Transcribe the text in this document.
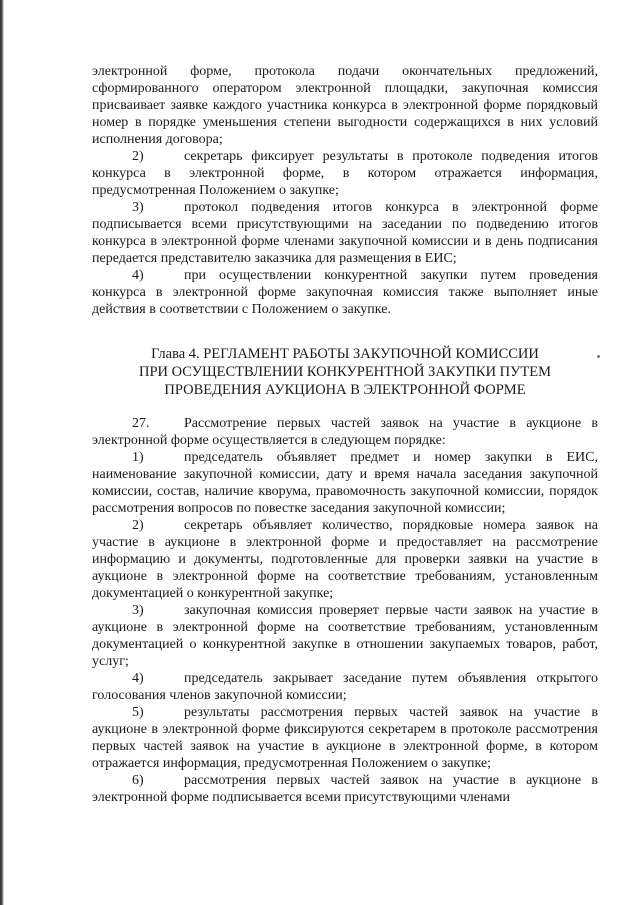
электронной форме, протокола подачи окончательных предложений, сформированного оператором электронной площадки, закупочная комиссия присваивает заявке каждого участника конкурса в электронной форме порядковый номер в порядке уменьшения степени выгодности содержащихся в них условий исполнения договора;

2)	секретарь фиксирует результаты в протоколе подведения итогов конкурса в электронной форме, в котором отражается информация, предусмотренная Положением о закупке;

3)	протокол подведения итогов конкурса в электронной форме подписывается всеми присутствующими на заседании по подведению итогов конкурса в электронной форме членами закупочной комиссии и в день подписания передается представителю заказчика для размещения в ЕИС;

4)	при осуществлении конкурентной закупки путем проведения конкурса в электронной форме закупочная комиссия также выполняет иные действия в соответствии с Положением о закупке.

Глава 4. РЕГЛАМЕНТ РАБОТЫ ЗАКУПОЧНОЙ КОМИССИИ
ПРИ ОСУЩЕСТВЛЕНИИ КОНКУРЕНТНОЙ ЗАКУПКИ ПУТЕМ
ПРОВЕДЕНИЯ АУКЦИОНА В ЭЛЕКТРОННОЙ ФОРМЕ

27. Рассмотрение первых частей заявок на участие в аукционе в электронной форме осуществляется в следующем порядке:

1)	председатель объявляет предмет и номер закупки в ЕИС, наименование закупочной комиссии, дату и время начала заседания закупочной комиссии, состав, наличие кворума, правомочность закупочной комиссии, порядок рассмотрения вопросов по повестке заседания закупочной комиссии;

2)	секретарь объявляет количество, порядковые номера заявок на участие в аукционе в электронной форме и предоставляет на рассмотрение информацию и документы, подготовленные для проверки заявки на участие в аукционе в электронной форме на соответствие требованиям, установленным документацией о конкурентной закупке;

3)	закупочная комиссия проверяет первые части заявок на участие в аукционе в электронной форме на соответствие требованиям, установленным документацией о конкурентной закупке в отношении закупаемых товаров, работ, услуг;

4)	председатель закрывает заседание путем объявления открытого голосования членов закупочной комиссии;

5)	результаты рассмотрения первых частей заявок на участие в аукционе в электронной форме фиксируются секретарем в протоколе рассмотрения первых частей заявок на участие в аукционе в электронной форме, в котором отражается информация, предусмотренная Положением о закупке;

6)	рассмотрения первых частей заявок на участие в аукционе в электронной форме подписывается всеми присутствующими членами
